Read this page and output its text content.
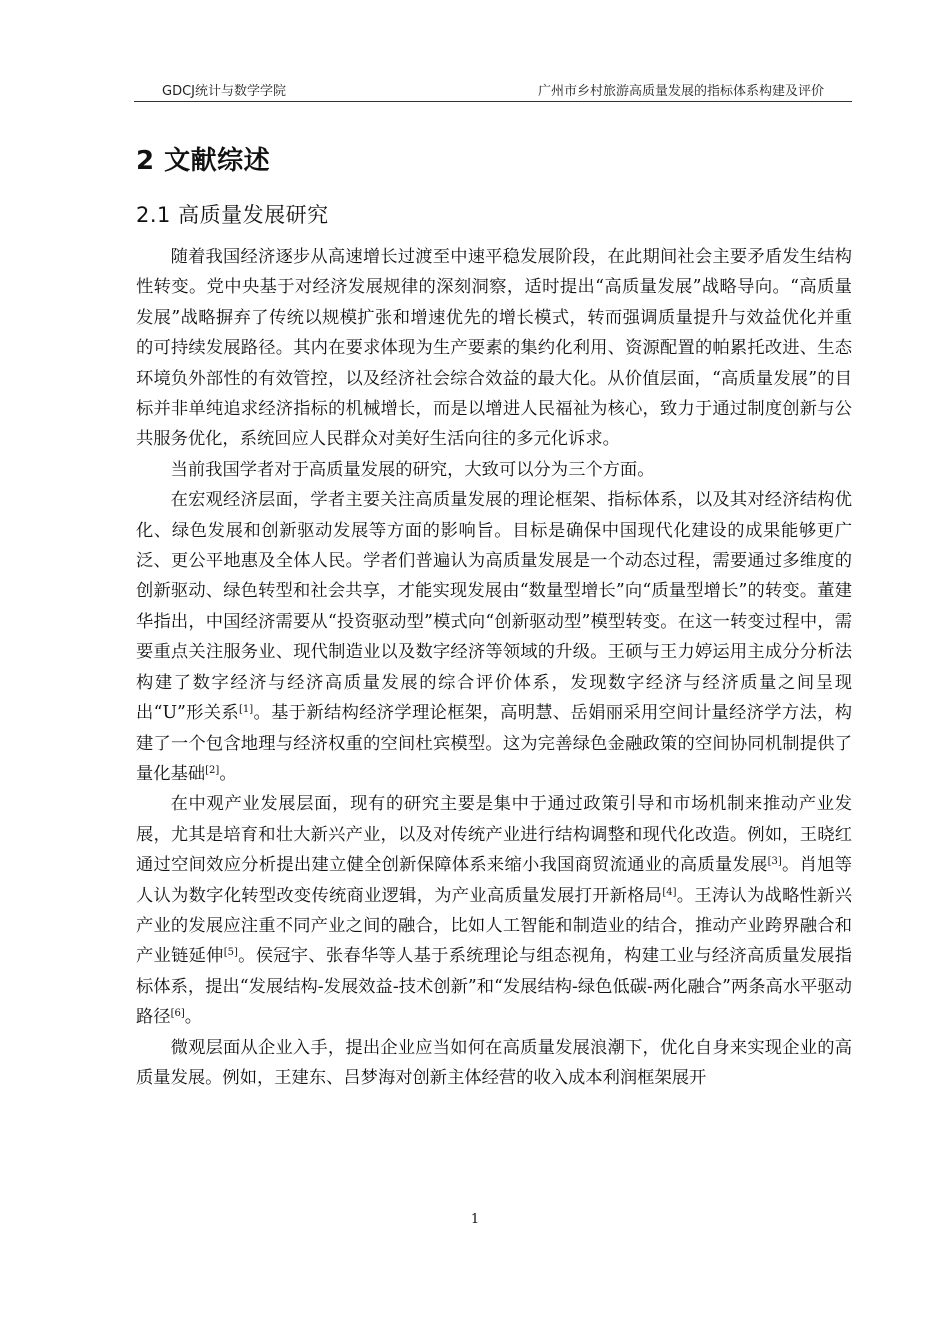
GDCJ统计与数学学院	广州市乡村旅游高质量发展的指标体系构建及评价
2 文献综述
2.1 高质量发展研究

随着我国经济逐步从高速增长过渡至中速平稳发展阶段，在此期间社会主要矛盾发生结构性转变。党中央基于对经济发展规律的深刻洞察，适时提出“高质量发展”战略导向。“高质量发展”战略摒弃了传统以规模扩张和增速优先的增长模式，转而强调质量提升与效益优化并重的可持续发展路径。其内在要求体现为生产要素的集约化利用、资源配置的帕累托改进、生态环境负外部性的有效管控，以及经济社会综合效益的最大化。从价值层面，“高质量发展”的目标并非单纯追求经济指标的机械增长，而是以增进人民福祉为核心，致力于通过制度创新与公共服务优化，系统回应人民群众对美好生活向往的多元化诉求。

当前我国学者对于高质量发展的研究，大致可以分为三个方面。

在宏观经济层面，学者主要关注高质量发展的理论框架、指标体系，以及其对经济结构优化、绿色发展和创新驱动发展等方面的影响旨。目标是确保中国现代化建设的成果能够更广泛、更公平地惠及全体人民。学者们普遍认为高质量发展是一个动态过程，需要通过多维度的创新驱动、绿色转型和社会共享，才能实现发展由“数量型增长”向“质量型增长”的转变。董建华指出，中国经济需要从“投资驱动型”模式向“创新驱动型”模型转变。在这一转变过程中，需要重点关注服务业、现代制造业以及数字经济等领域的升级。王硕与王力婷运用主成分分析法构建了数字经济与经济高质量发展的综合评价体系，发现数字经济与经济质量之间呈现出“U”形关系[1]。基于新结构经济学理论框架，高明慧、岳娟丽采用空间计量经济学方法，构建了一个包含地理与经济权重的空间杜宾模型。这为完善绿色金融政策的空间协同机制提供了量化基础[2]。

在中观产业发展层面，现有的研究主要是集中于通过政策引导和市场机制来推动产业发展，尤其是培育和壮大新兴产业，以及对传统产业进行结构调整和现代化改造。例如，王晓红通过空间效应分析提出建立健全创新保障体系来缩小我国商贸流通业的高质量发展[3]。肖旭等人认为数字化转型改变传统商业逻辑，为产业高质量发展打开新格局[4]。王涛认为战略性新兴产业的发展应注重不同产业之间的融合，比如人工智能和制造业的结合，推动产业跨界融合和产业链延伸[5]。侯冠宇、张春华等人基于系统理论与组态视角，构建工业与经济高质量发展指标体系，提出“发展结构-发展效益-技术创新”和“发展结构-绿色低碳-两化融合”两条高水平驱动路径[6]。

微观层面从企业入手，提出企业应当如何在高质量发展浪潮下，优化自身来实现企业的高质量发展。例如，王建东、吕梦海对创新主体经营的收入成本利润框架展开

1
